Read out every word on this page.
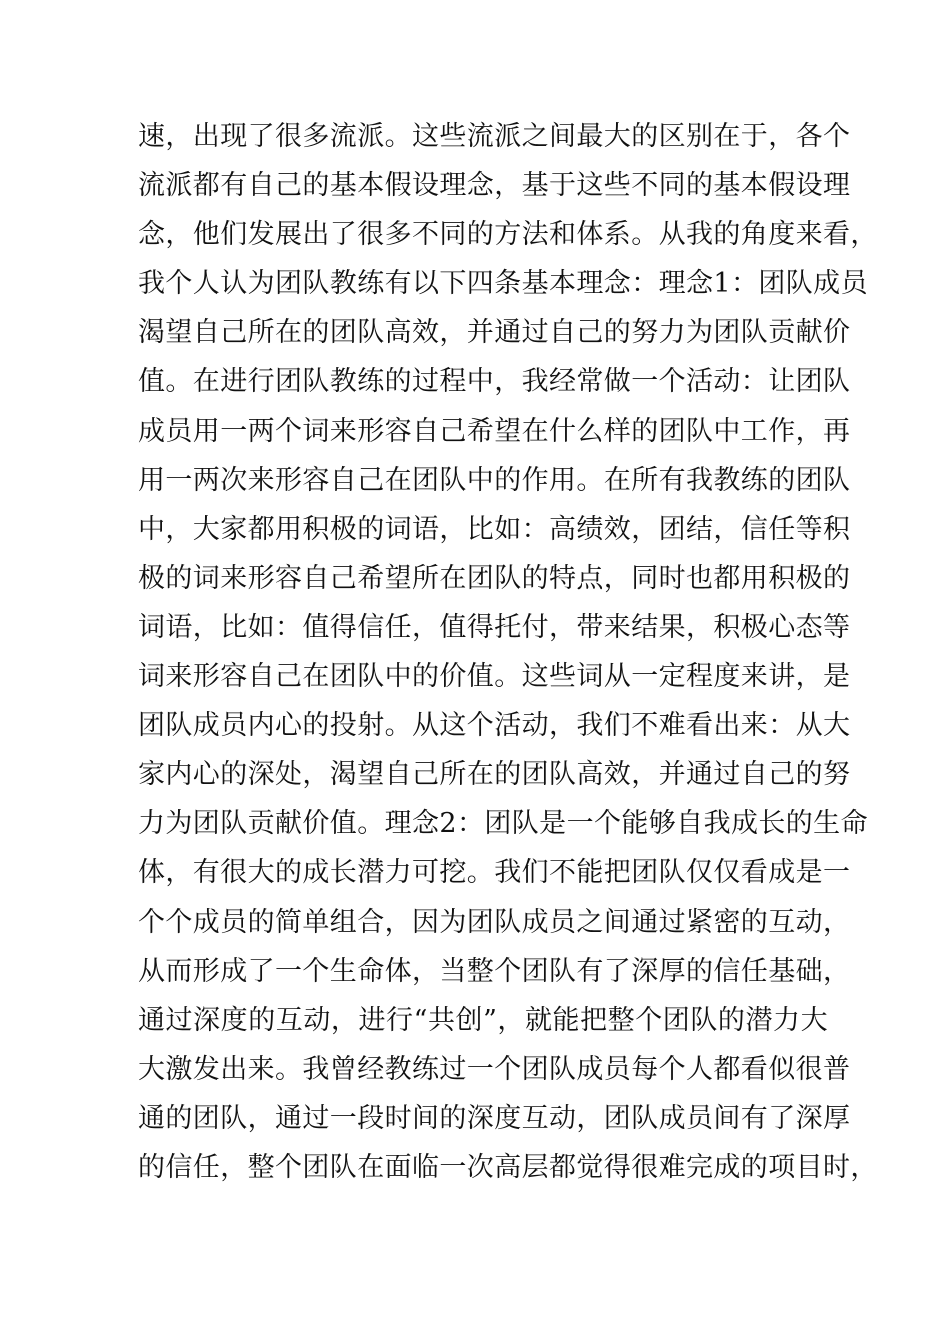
速，出现了很多流派。这些流派之间最大的区别在于，各个
流派都有自己的基本假设理念，基于这些不同的基本假设理
念，他们发展出了很多不同的方法和体系。从我的角度来看，
我个人认为团队教练有以下四条基本理念：理念1：团队成员
渴望自己所在的团队高效，并通过自己的努力为团队贡献价
值。在进行团队教练的过程中，我经常做一个活动：让团队
成员用一两个词来形容自己希望在什么样的团队中工作，再
用一两次来形容自己在团队中的作用。在所有我教练的团队
中，大家都用积极的词语，比如：高绩效，团结，信任等积
极的词来形容自己希望所在团队的特点，同时也都用积极的
词语，比如：值得信任，值得托付，带来结果，积极心态等
词来形容自己在团队中的价值。这些词从一定程度来讲，是
团队成员内心的投射。从这个活动，我们不难看出来：从大
家内心的深处，渴望自己所在的团队高效，并通过自己的努
力为团队贡献价值。理念2：团队是一个能够自我成长的生命
体，有很大的成长潜力可挖。我们不能把团队仅仅看成是一
个个成员的简单组合，因为团队成员之间通过紧密的互动，
从而形成了一个生命体，当整个团队有了深厚的信任基础，
通过深度的互动，进行“共创”，就能把整个团队的潜力大
大激发出来。我曾经教练过一个团队成员每个人都看似很普
通的团队，通过一段时间的深度互动，团队成员间有了深厚
的信任，整个团队在面临一次高层都觉得很难完成的项目时，
